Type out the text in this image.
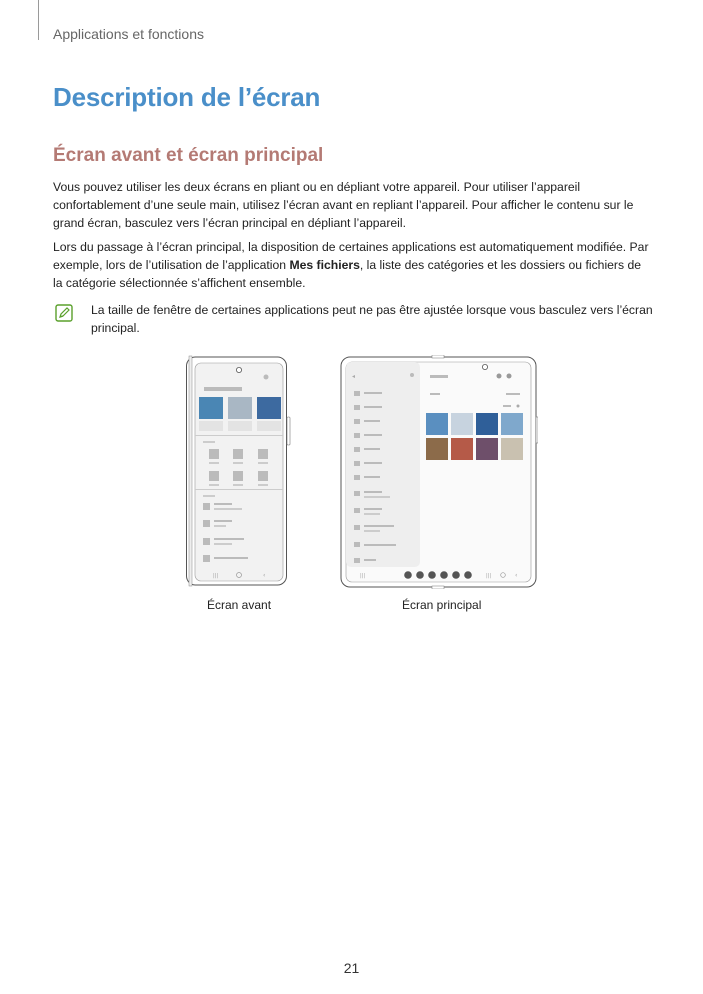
Applications et fonctions
Description de l’écran
Écran avant et écran principal
Vous pouvez utiliser les deux écrans en pliant ou en dépliant votre appareil. Pour utiliser l’appareil confortablement d’une seule main, utilisez l’écran avant en repliant l’appareil. Pour afficher le contenu sur le grand écran, basculez vers l’écran principal en dépliant l’appareil.
Lors du passage à l’écran principal, la disposition de certaines applications est automatiquement modifiée. Par exemple, lors de l’utilisation de l’application Mes fichiers, la liste des catégories et les dossiers ou fichiers de la catégorie sélectionnée s’affichent ensemble.
La taille de fenêtre de certaines applications peut ne pas être ajustée lorsque vous basculez vers l’écran principal.
|||	‹
◂
|||	|||	‹
Écran avant	Écran principal
21
